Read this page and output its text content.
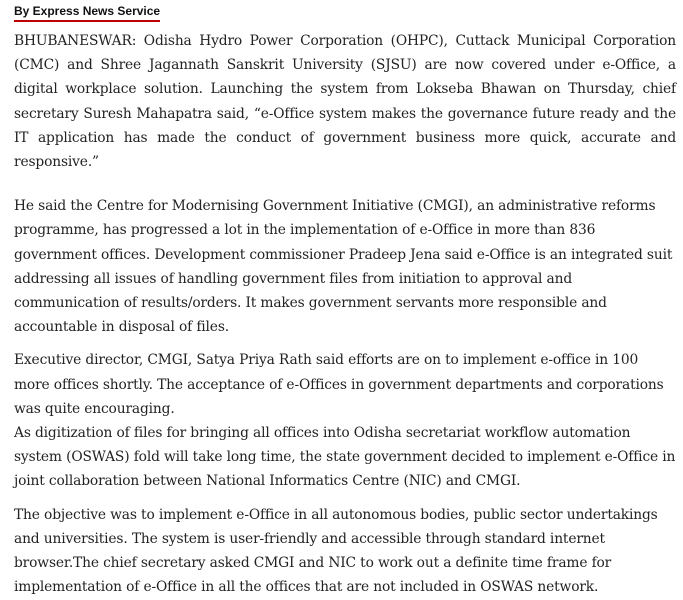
By Express News Service

BHUBANESWAR: Odisha Hydro Power Corporation (OHPC), Cuttack Municipal Corporation (CMC) and Shree Jagannath Sanskrit University (SJSU) are now covered under e-Office, a digital workplace solution. Launching the system from Lokseba Bhawan on Thursday, chief secretary Suresh Mahapatra said, “e-Office system makes the governance future ready and the IT application has made the conduct of government business more quick, accurate and responsive.”

He said the Centre for Modernising Government Initiative (CMGI), an administrative reforms programme, has progressed a lot in the implementation of e-Office in more than 836 government offices. Development commissioner Pradeep Jena said e-Office is an integrated suit addressing all issues of handling government files from initiation to approval and communication of results/orders. It makes government servants more responsible and accountable in disposal of files.

Executive director, CMGI, Satya Priya Rath said efforts are on to implement e-office in 100 more offices shortly. The acceptance of e-Offices in government departments and corporations was quite encouraging.

As digitization of files for bringing all offices into Odisha secretariat workflow automation system (OSWAS) fold will take long time, the state government decided to implement e-Office in joint collaboration between National Informatics Centre (NIC) and CMGI.

The objective was to implement e-Office in all autonomous bodies, public sector undertakings and universities. The system is user-friendly and accessible through standard internet browser.The chief secretary asked CMGI and NIC to work out a definite time frame for implementation of e-Office in all the offices that are not included in OSWAS network.
